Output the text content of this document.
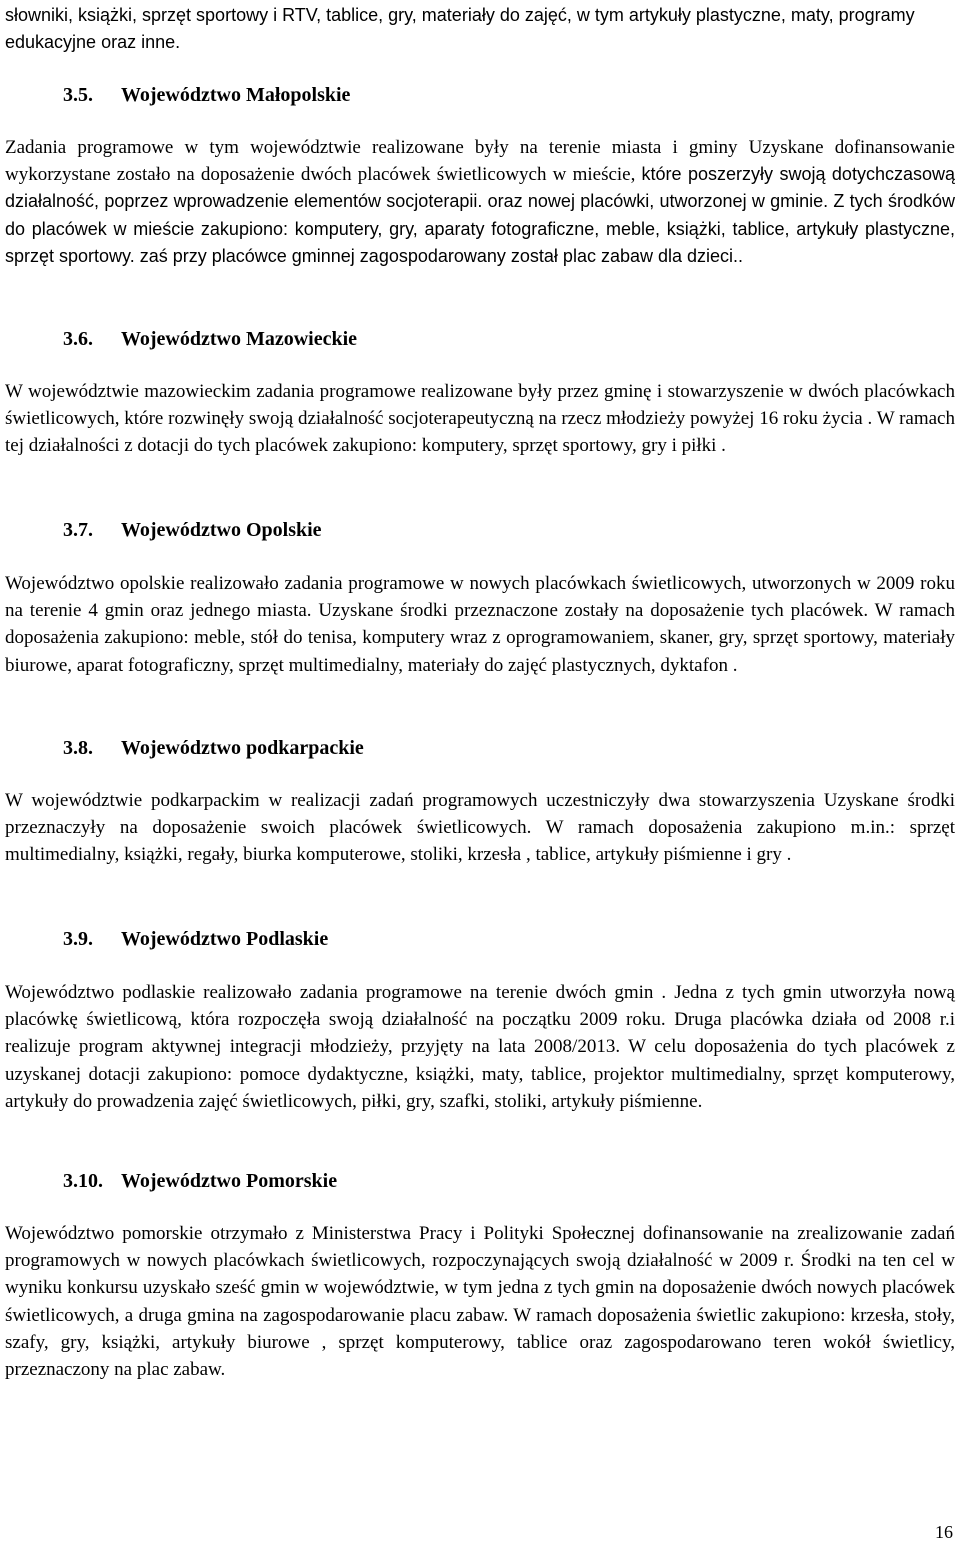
słowniki, książki, sprzęt sportowy i RTV, tablice, gry, materiały do zajęć, w tym artykuły plastyczne, maty, programy edukacyjne oraz inne.

3.5.	Województwo Małopolskie

Zadania programowe w tym województwie realizowane były na terenie miasta i gminy Uzyskane dofinansowanie wykorzystane zostało na doposażenie dwóch placówek świetlicowych w mieście, które poszerzyły swoją dotychczasową działalność, poprzez wprowadzenie elementów socjoterapii. oraz nowej placówki, utworzonej w gminie. Z tych środków do placówek w mieście zakupiono: komputery, gry, aparaty fotograficzne, meble, książki, tablice, artykuły plastyczne, sprzęt sportowy. zaś przy placówce gminnej zagospodarowany został plac zabaw dla dzieci..

3.6.	Województwo Mazowieckie

W województwie mazowieckim zadania programowe realizowane były przez gminę i stowarzyszenie w dwóch placówkach świetlicowych, które rozwinęły swoją działalność socjoterapeutyczną na rzecz młodzieży powyżej 16 roku życia . W ramach tej działalności z dotacji do tych placówek zakupiono: komputery, sprzęt sportowy, gry i piłki .

3.7.	Województwo Opolskie

Województwo opolskie realizowało zadania programowe w nowych placówkach świetlicowych, utworzonych w 2009 roku na terenie 4 gmin oraz jednego miasta. Uzyskane środki przeznaczone zostały na doposażenie tych placówek. W ramach doposażenia zakupiono: meble, stół do tenisa, komputery wraz z oprogramowaniem, skaner, gry, sprzęt sportowy, materiały biurowe, aparat fotograficzny, sprzęt multimedialny, materiały do zajęć plastycznych, dyktafon .

3.8.	Województwo podkarpackie

W województwie podkarpackim w realizacji zadań programowych uczestniczyły dwa stowarzyszenia Uzyskane środki przeznaczyły na doposażenie swoich placówek świetlicowych. W ramach doposażenia zakupiono m.in.: sprzęt multimedialny, książki, regały, biurka komputerowe, stoliki, krzesła , tablice, artykuły piśmienne i gry .

3.9.	Województwo Podlaskie

Województwo podlaskie realizowało zadania programowe na terenie dwóch gmin . Jedna z tych gmin utworzyła nową placówkę świetlicową, która rozpoczęła swoją działalność na początku 2009 roku. Druga placówka działa od 2008 r.i realizuje program aktywnej integracji młodzieży, przyjęty na lata 2008/2013. W celu doposażenia do tych placówek z uzyskanej dotacji zakupiono: pomoce dydaktyczne, książki, maty, tablice, projektor multimedialny, sprzęt komputerowy, artykuły do prowadzenia zajęć świetlicowych, piłki, gry, szafki, stoliki, artykuły piśmienne.

3.10. Województwo Pomorskie

Województwo pomorskie otrzymało z Ministerstwa Pracy i Polityki Społecznej dofinansowanie na zrealizowanie zadań programowych w nowych placówkach świetlicowych, rozpoczynających swoją działalność w 2009 r. Środki na ten cel w wyniku konkursu uzyskało sześć gmin w województwie, w tym jedna z tych gmin na doposażenie dwóch nowych placówek świetlicowych, a druga gmina na zagospodarowanie placu zabaw. W ramach doposażenia świetlic zakupiono: krzesła, stoły, szafy, gry, książki, artykuły biurowe , sprzęt komputerowy, tablice oraz zagospodarowano teren wokół świetlicy, przeznaczony na plac zabaw.

16
